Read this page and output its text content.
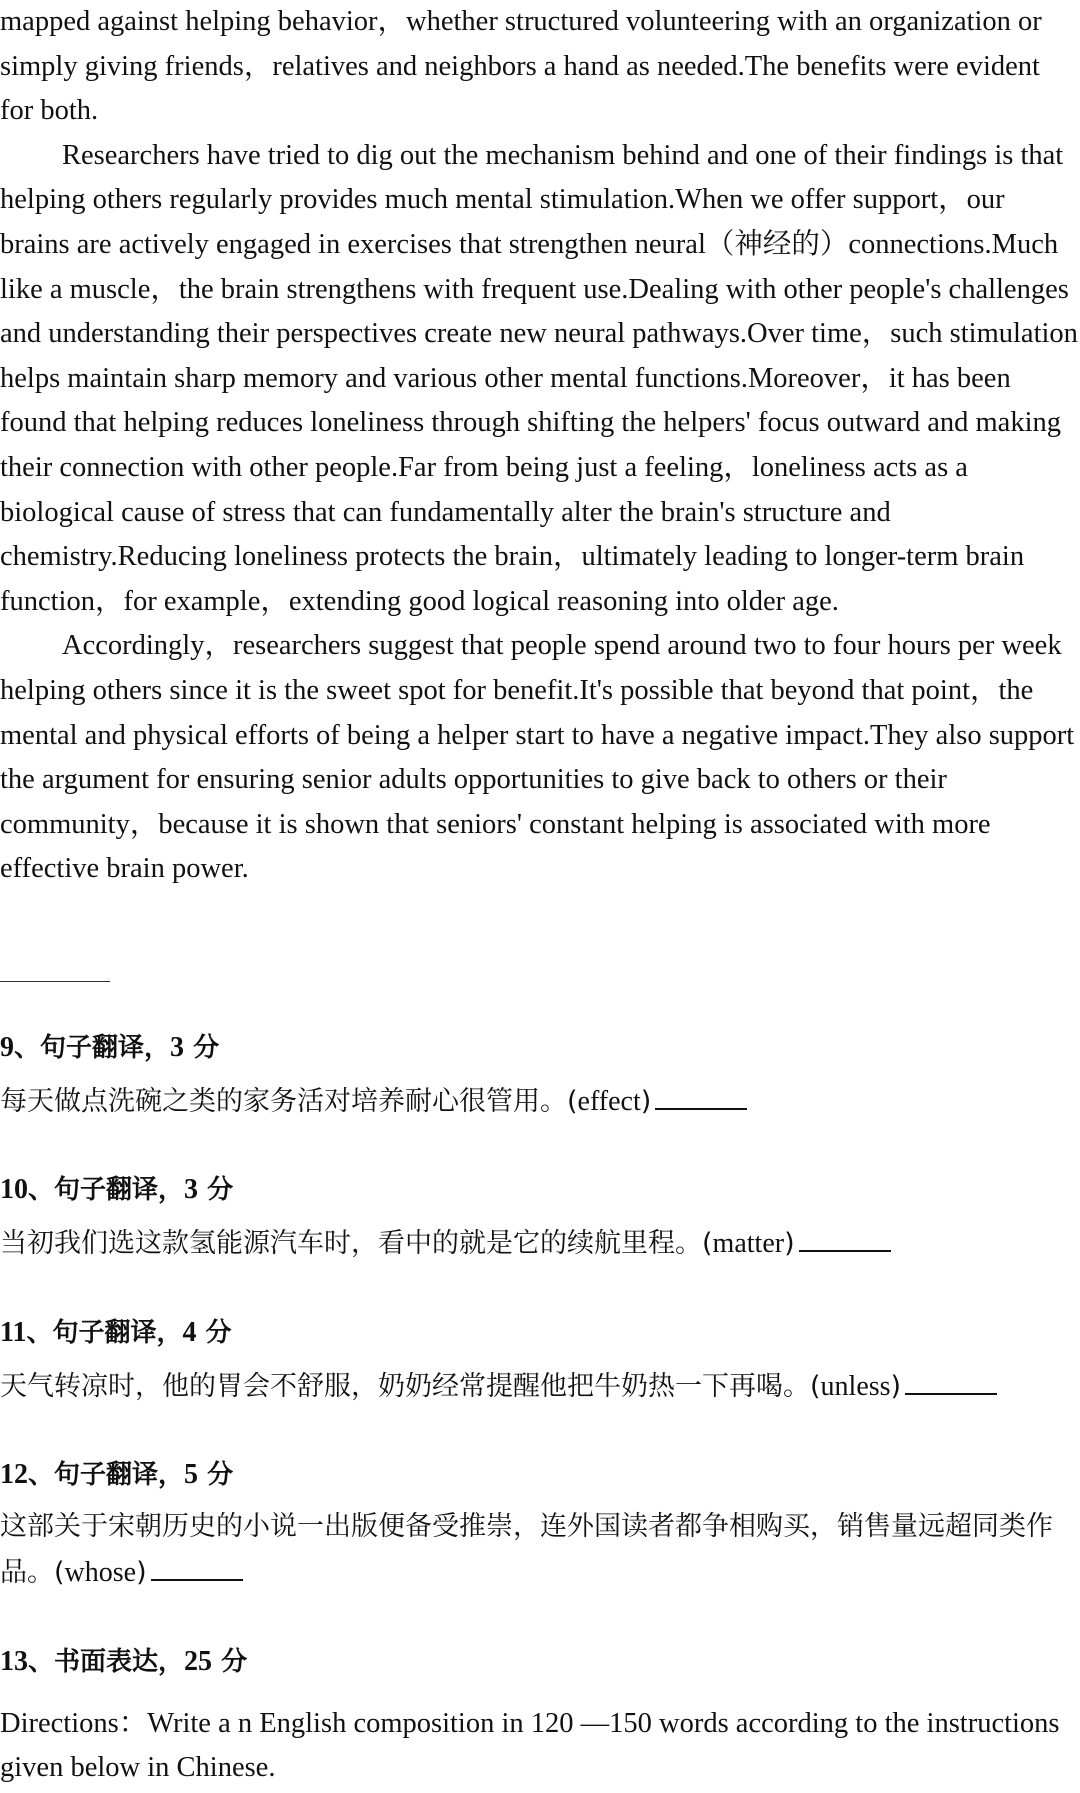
mapped against helping behavior，whether structured volunteering with an organization or simply giving friends，relatives and neighbors a hand as needed.The benefits were evident for both.

Researchers have tried to dig out the mechanism behind and one of their findings is that helping others regularly provides much mental stimulation.When we offer support，our brains are actively engaged in exercises that strengthen neural（神经的）connections.Much like a muscle，the brain strengthens with frequent use.Dealing with other people's challenges and understanding their perspectives create new neural pathways.Over time，such stimulation helps maintain sharp memory and various other mental functions.Moreover，it has been found that helping reduces loneliness through shifting the helpers' focus outward and making their connection with other people.Far from being just a feeling，loneliness acts as a biological cause of stress that can fundamentally alter the brain's structure and chemistry.Reducing loneliness protects the brain，ultimately leading to longer-term brain function，for example，extending good logical reasoning into older age.

Accordingly，researchers suggest that people spend around two to four hours per week helping others since it is the sweet spot for benefit.It's possible that beyond that point，the mental and physical efforts of being a helper start to have a negative impact.They also support the argument for ensuring senior adults opportunities to give back to others or their community，because it is shown that seniors' constant helping is associated with more effective brain power.

9、句子翻译，3 分
每天做点洗碗之类的家务活对培养耐心很管用。(effect)
10、句子翻译，3 分
当初我们选这款氢能源汽车时，看中的就是它的续航里程。(matter)
11、句子翻译，4 分
天气转凉时，他的胃会不舒服，奶奶经常提醒他把牛奶热一下再喝。(unless)
12、句子翻译，5 分
这部关于宋朝历史的小说一出版便备受推崇，连外国读者都争相购买，销售量远超同类作品。(whose)
13、书面表达，25 分
Directions：Write a n English composition in 120 —150 words according to the instructions given below in Chinese.
